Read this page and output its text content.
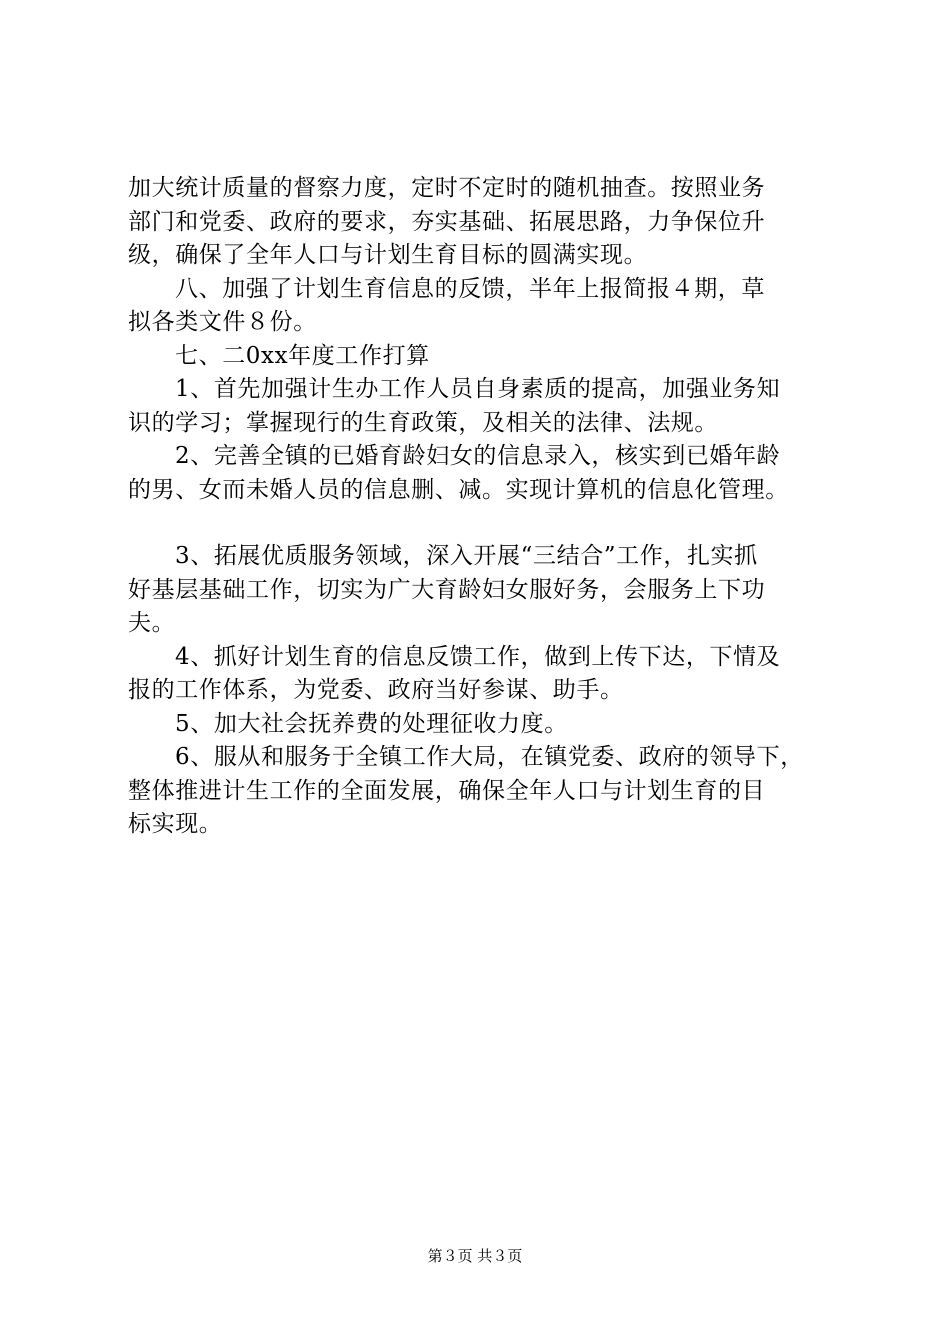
加大统计质量的督察力度，定时不定时的随机抽查。按照业务
部门和党委、政府的要求，夯实基础、拓展思路，力争保位升
级，确保了全年人口与计划生育目标的圆满实现。
八、加强了计划生育信息的反馈，半年上报简报４期，草
拟各类文件８份。
七、二0xx年度工作打算
1、首先加强计生办工作人员自身素质的提高，加强业务知
识的学习；掌握现行的生育政策，及相关的法律、法规。
2、完善全镇的已婚育龄妇女的信息录入，核实到已婚年龄
的男、女而未婚人员的信息删、减。实现计算机的信息化管理。
3、拓展优质服务领域，深入开展“三结合”工作，扎实抓
好基层基础工作，切实为广大育龄妇女服好务，会服务上下功
夫。
4、抓好计划生育的信息反馈工作，做到上传下达，下情及
报的工作体系，为党委、政府当好参谋、助手。
5、加大社会抚养费的处理征收力度。
6、服从和服务于全镇工作大局，在镇党委、政府的领导下，
整体推进计生工作的全面发展，确保全年人口与计划生育的目
标实现。
第３页 共３页
